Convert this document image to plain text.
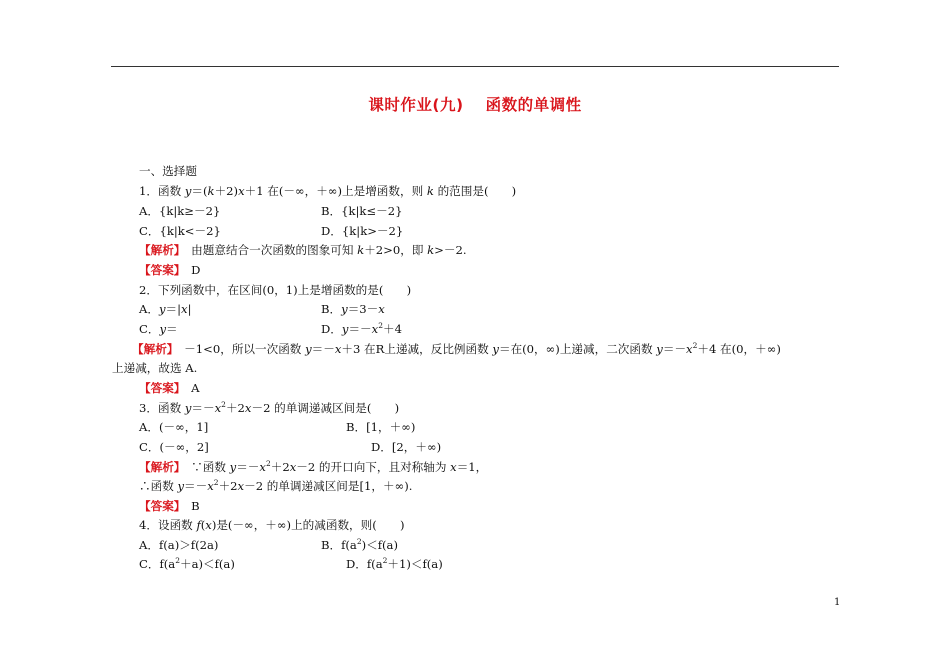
课时作业(九) 函数的单调性
一、选择题
1．函数 y＝(k＋2)x＋1 在(－∞，＋∞)上是增函数，则 k 的范围是(　　)
A．{k|k≥－2}	B．{k|k≤－2}
C．{k|k<－2}	D．{k|k>－2}
【解析】　由题意结合一次函数的图象可知 k＋2>0，即 k>－2.
【答案】　D
2．下列函数中，在区间(0，1)上是增函数的是(　　)
A．y＝|x|	B．y＝3－x
C．y＝	D．$y=-x^2+4$
【解析】　－1<0，所以一次函数 y＝－x＋3 在R上递减，反比例函数 y＝在(0，∞)上递减，二次函数 $y=-x^2+4$ 在(0，＋∞)
上递减，故选 A.
【答案】　A
3．函数 $y=-x^2+2x-2$ 的单调递减区间是(　　)
A．(－∞，1]	B．[1，＋∞)
C．(－∞，2]	D．[2，＋∞)
【解析】　∵函数 $y=-x^2+2x-2$ 的开口向下，且对称轴为 x＝1，
∴函数 $y=-x^2+2x-2$ 的单调递减区间是[1，＋∞).
【答案】　B
4．设函数 f(x)是(－∞，＋∞)上的减函数，则(　　)
A．f(a)＞f(2a)	B．$f(a^2)<f(a)$
C．$f(a^2+a)<f(a)$	D．$f(a^2+1)<f(a)$
1
